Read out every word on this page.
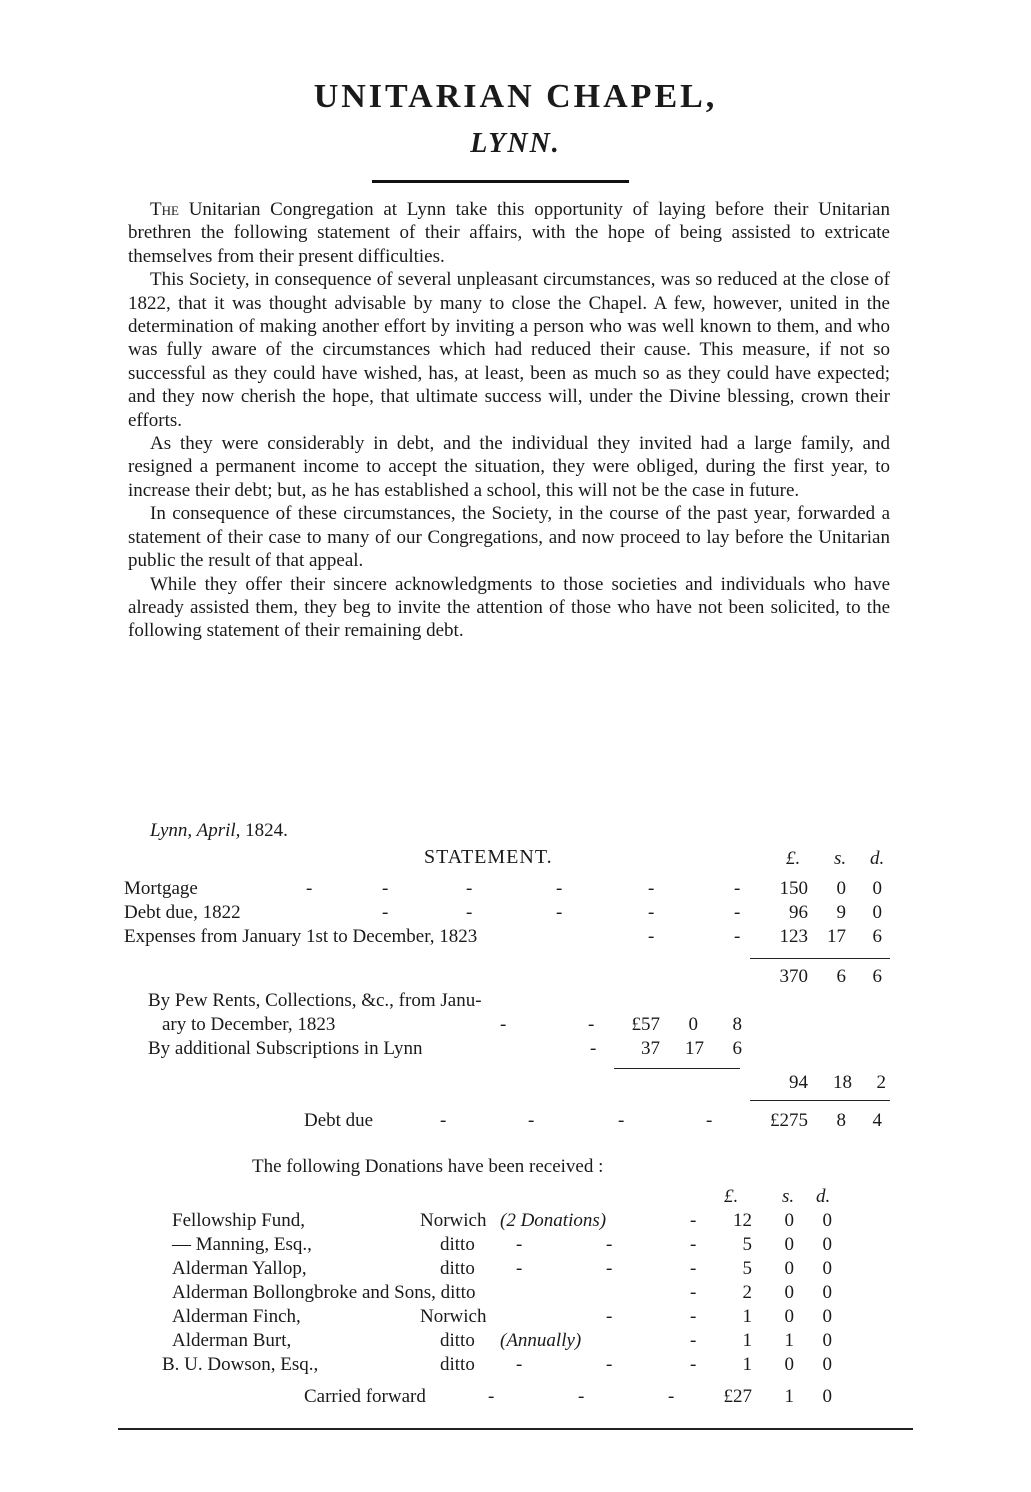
UNITARIAN CHAPEL,
LYNN.

The Unitarian Congregation at Lynn take this opportunity of laying before their Unitarian brethren the following statement of their affairs, with the hope of being assisted to extricate themselves from their present difficulties.

This Society, in consequence of several unpleasant circumstances, was so reduced at the close of 1822, that it was thought advisable by many to close the Chapel. A few, however, united in the determination of making another effort by inviting a person who was well known to them, and who was fully aware of the circumstances which had reduced their cause. This measure, if not so successful as they could have wished, has, at least, been as much so as they could have expected; and they now cherish the hope, that ultimate success will, under the Divine blessing, crown their efforts.

As they were considerably in debt, and the individual they invited had a large family, and resigned a permanent income to accept the situation, they were obliged, during the first year, to increase their debt; but, as he has established a school, this will not be the case in future.

In consequence of these circumstances, the Society, in the course of the past year, forwarded a statement of their case to many of our Congregations, and now proceed to lay before the Unitarian public the result of that appeal.

While they offer their sincere acknowledgments to those societies and individuals who have already assisted them, they beg to invite the attention of those who have not been solicited, to the following statement of their remaining debt.

Lynn, April, 1824.
STATEMENT.	£. s. d.
Mortgage	-	-	-	-	-	-	150	0	0
Debt due, 1822	-	-	-	-	-	96	9	0
Expenses from January 1st to December, 1823	-	-	123	17	6
370	6	6
By Pew Rents, Collections, &c., from Janu-
ary to December, 1823	-	-	£57	0	8
By additional Subscriptions in Lynn	-	37	17	6
94	18	2
Debt due	-	-	-	-	£275	8	4
The following Donations have been received :
£. s. d.
Fellowship Fund,	Norwich (2 Donations)	-	12	0	0
— Manning, Esq.,	ditto -	-	-	5	0	0
Alderman Yallop,	ditto -	-	-	5	0	0
Alderman Bollongbroke and Sons, ditto	-	2	0	0
Alderman Finch,	Norwich	-	-	1	0	0
Alderman Burt,	ditto (Annually)	-	1	1	0
B. U. Dowson, Esq.,	ditto -	-	-	1	0	0
Carried forward	-	-	-	£27	1	0
